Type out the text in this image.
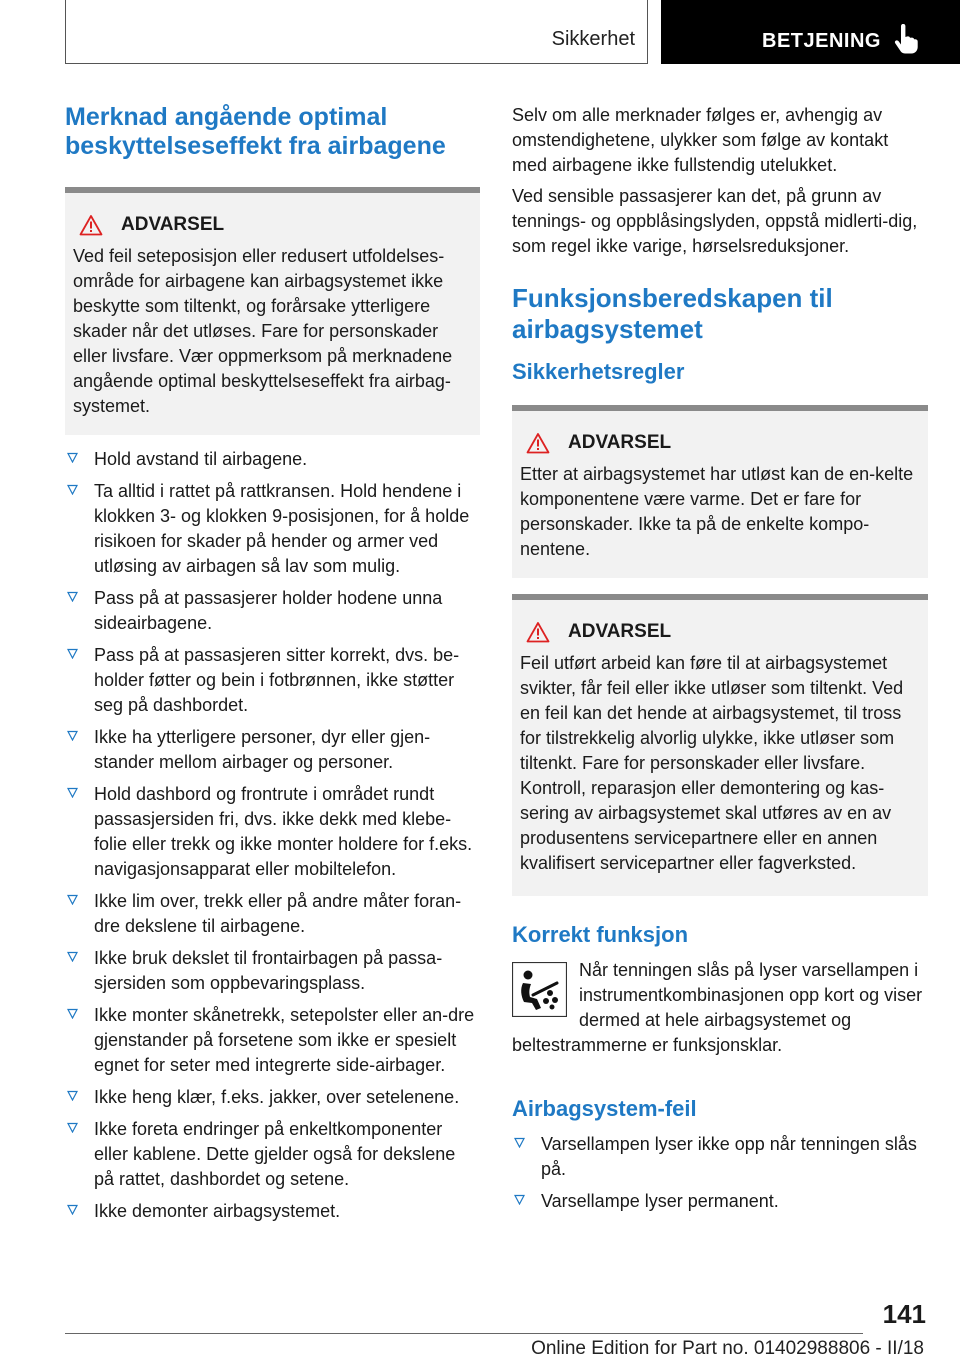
Sikkerhet	BETJENING
Merknad angående optimal beskyttelseseffekt fra airbagene
ADVARSEL

Ved feil seteposisjon eller redusert utfoldelses-område for airbagene kan airbagsystemet ikke beskytte som tiltenkt, og forårsake ytterligere skader når det utløses. Fare for personskader eller livsfare. Vær oppmerksom på merknadene angående optimal beskyttelseseffekt fra airbag-systemet.

Hold avstand til airbagene.
Ta alltid i rattet på rattkransen. Hold hendene i klokken 3- og klokken 9-posisjonen, for å holde risikoen for skader på hender og armer ved utløsing av airbagen så lav som mulig.
Pass på at passasjerer holder hodene unna sideairbagene.
Pass på at passasjeren sitter korrekt, dvs. be-holder føtter og bein i fotbrønnen, ikke støtter seg på dashbordet.
Ikke ha ytterligere personer, dyr eller gjen-stander mellom airbager og personer.
Hold dashbord og frontrute i området rundt passasjersiden fri, dvs. ikke dekk med klebe-folie eller trekk og ikke monter holdere for f.eks. navigasjonsapparat eller mobiltelefon.
Ikke lim over, trekk eller på andre måter foran-dre dekslene til airbagene.
Ikke bruk dekslet til frontairbagen på passa-sjersiden som oppbevaringsplass.
Ikke monter skånetrekk, setepolster eller an-dre gjenstander på forsetene som ikke er spesielt egnet for seter med integrerte side-airbager.
Ikke heng klær, f.eks. jakker, over setelenene.
Ikke foreta endringer på enkeltkomponenter eller kablene. Dette gjelder også for dekslene på rattet, dashbordet og setene.
Ikke demonter airbagsystemet.

Selv om alle merknader følges er, avhengig av omstendighetene, ulykker som følge av kontakt med airbagene ikke fullstendig utelukket.

Ved sensible passasjerer kan det, på grunn av tennings- og oppblåsingslyden, oppstå midlerti-dig, som regel ikke varige, hørselsreduksjoner.

Funksjonsberedskapen til airbagsystemet
Sikkerhetsregler
ADVARSEL

Etter at airbagsystemet har utløst kan de en-kelte komponentene være varme. Det er fare for personskader. Ikke ta på de enkelte kompo-nentene.

ADVARSEL

Feil utført arbeid kan føre til at airbagsystemet svikter, får feil eller ikke utløser som tiltenkt. Ved en feil kan det hende at airbagsystemet, til tross for tilstrekkelig alvorlig ulykke, ikke utløser som tiltenkt. Fare for personskader eller livsfare. Kontroll, reparasjon eller demontering og kas-sering av airbagsystemet skal utføres av en av produsentens servicepartnere eller en annen kvalifisert servicepartner eller fagverksted.

Korrekt funksjon

Når tenningen slås på lyser varsellampen i instrumentkombinasjonen opp kort og viser dermed at hele airbagsystemet og beltestrammerne er funksjonsklar.

Airbagsystem-feil
Varsellampen lyser ikke opp når tenningen slås på.
Varsellampe lyser permanent.
141
Online Edition for Part no. 01402988806 - II/18
